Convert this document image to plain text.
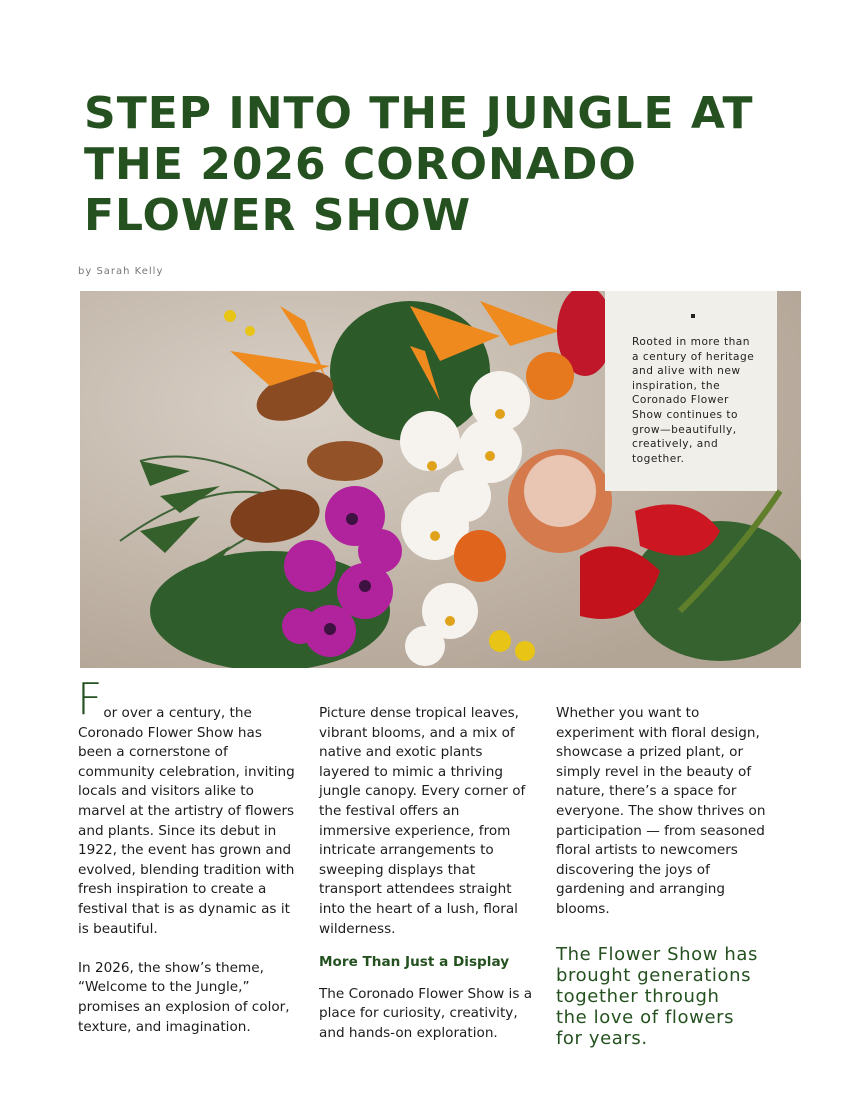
STEP INTO THE JUNGLE AT
THE 2026 CORONADO
FLOWER SHOW
by Sarah Kelly
Rooted in more than a century of heritage and alive with new inspiration, the Coronado Flower Show continues to grow—beautifully, creatively, and together.

F or over a century, the Coronado Flower Show has been a cornerstone of community celebration, inviting locals and visitors alike to marvel at the artistry of flowers and plants. Since its debut in 1922, the event has grown and evolved, blending tradition with fresh inspiration to create a festival that is as dynamic as it is beautiful.

In 2026, the show’s theme, “Welcome to the Jungle,” promises an explosion of color, texture, and imagination.

Picture dense tropical leaves, vibrant blooms, and a mix of native and exotic plants layered to mimic a thriving jungle canopy. Every corner of the festival offers an immersive experience, from intricate arrangements to sweeping displays that transport attendees straight into the heart of a lush, floral wilderness.

More Than Just a Display

The Coronado Flower Show is a place for curiosity, creativity, and hands-on exploration.

Whether you want to experiment with floral design, showcase a prized plant, or simply revel in the beauty of nature, there’s a space for everyone. The show thrives on participation — from seasoned floral artists to newcomers discovering the joys of gardening and arranging blooms.

The Flower Show has
brought generations
together through
the love of flowers
for years.
